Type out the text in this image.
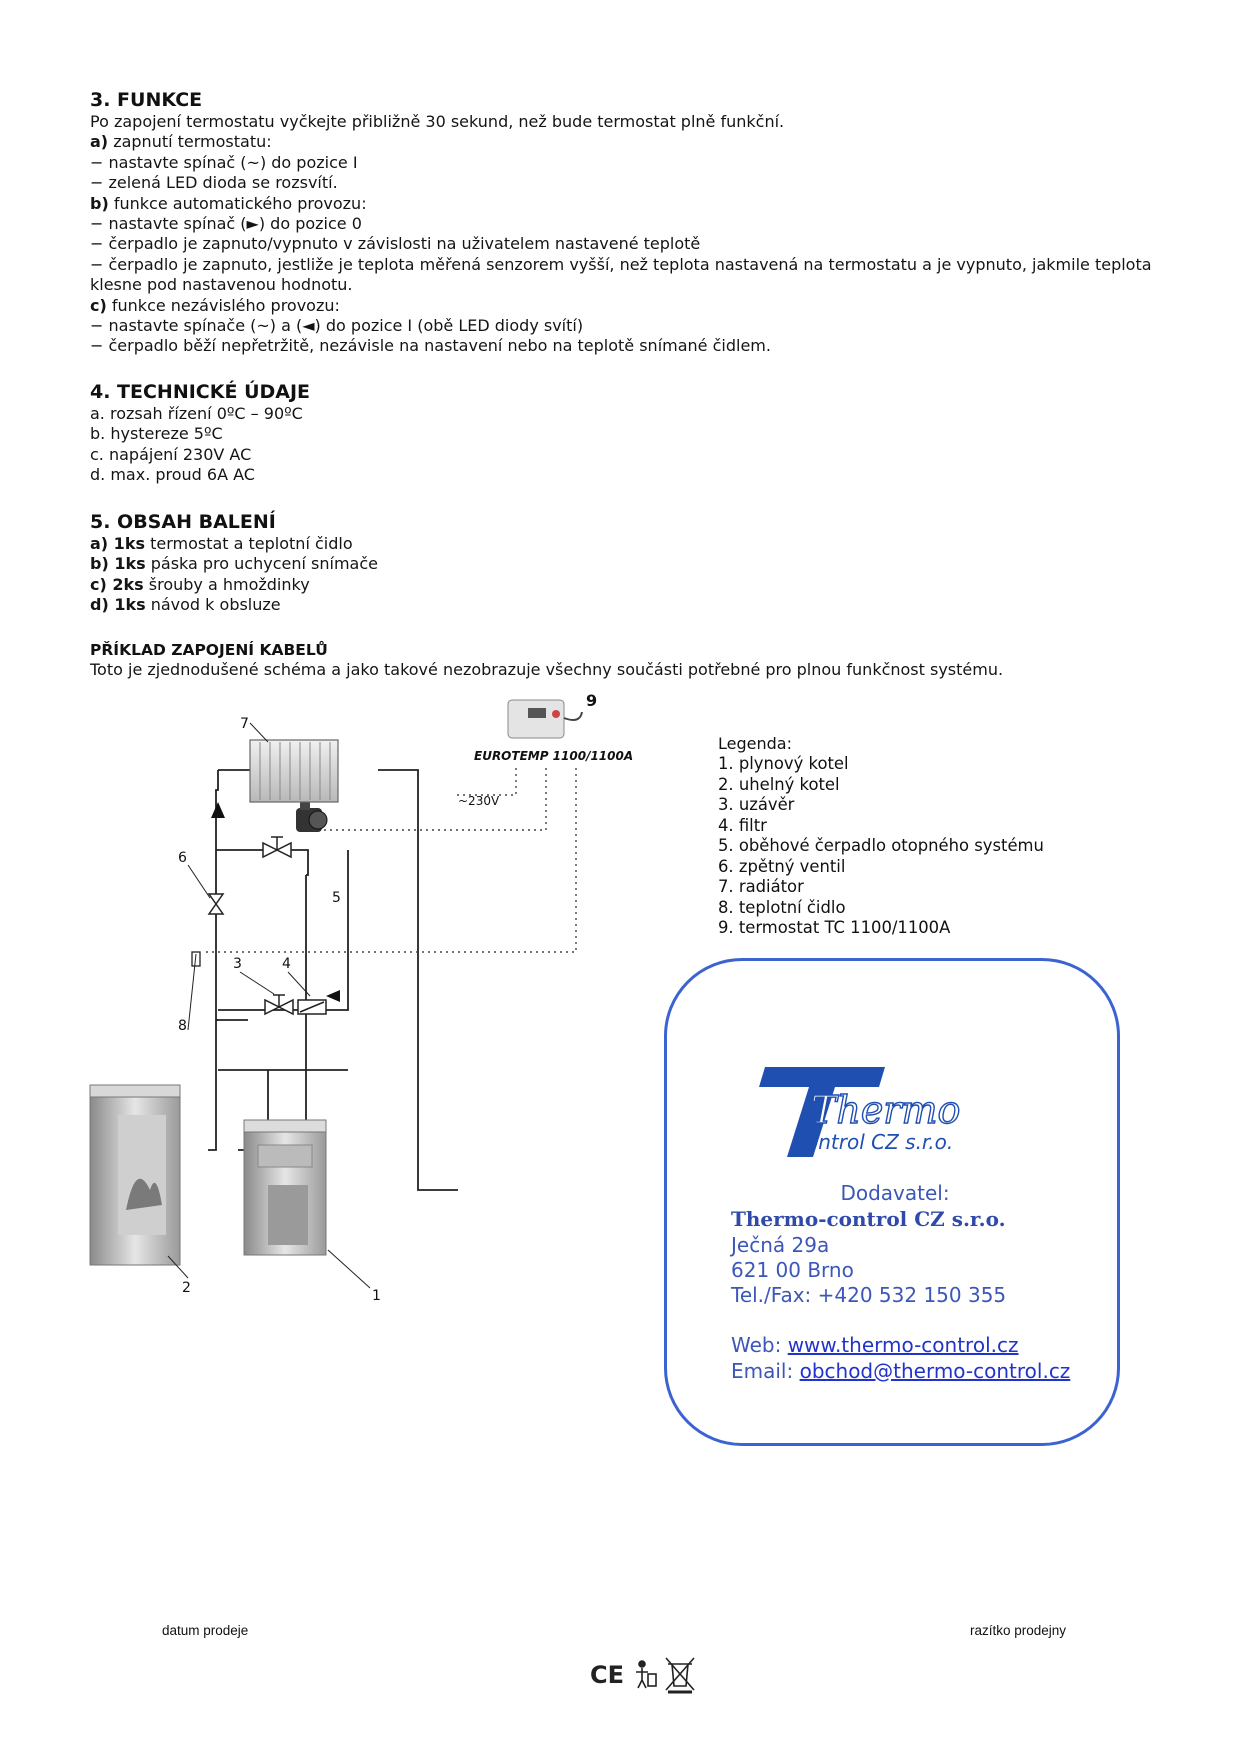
3. FUNKCE
Po zapojení termostatu vyčkejte přibližně 30 sekund, než bude termostat plně funkční.
a) zapnutí termostatu:
− nastavte spínač (~) do pozice I
− zelená LED dioda se rozsvítí.
b) funkce automatického provozu:
− nastavte spínač (►) do pozice 0
− čerpadlo je zapnuto/vypnuto v závislosti na uživatelem nastavené teplotě
− čerpadlo je zapnuto, jestliže je teplota měřená senzorem vyšší, než teplota nastavená na termostatu a je vypnuto, jakmile teplota klesne pod nastavenou hodnotu.
c) funkce nezávislého provozu:
− nastavte spínače (~) a (◄) do pozice I (obě LED diody svítí)
− čerpadlo běží nepřetržitě, nezávisle na nastavení nebo na teplotě snímané čidlem.
4. TECHNICKÉ ÚDAJE
a. rozsah řízení 0ºC – 90ºC
b. hystereze 5ºC
c. napájení 230V AC
d. max. proud 6A AC
5. OBSAH BALENÍ
a) 1ks termostat a teplotní čidlo
b) 1ks páska pro uchycení snímače
c) 2ks šrouby a hmoždinky
d) 1ks návod k obsluze
PŘÍKLAD ZAPOJENÍ KABELŮ
Toto je zjednodušené schéma a jako takové nezobrazuje všechny součásti potřebné pro plnou funkčnost systému.
EUROTEMP 1100/1100A
~230V
7
9
6
5
3	4
8
2	1
Legenda:
1. plynový kotel
2. uhelný kotel
3. uzávěr
4. filtr
5. oběhové čerpadlo otopného systému
6. zpětný ventil
7. radiátor
8. teplotní čidlo
9. termostat TC 1100/1100A
Thermo
control CZ s.r.o.
Dodavatel:
Thermo-control CZ s.r.o.
Ječná 29a
621 00 Brno
Tel./Fax: +420 532 150 355
Web: www.thermo-control.cz
Email: obchod@thermo-control.cz
datum prodeje	razítko prodejny
CE
